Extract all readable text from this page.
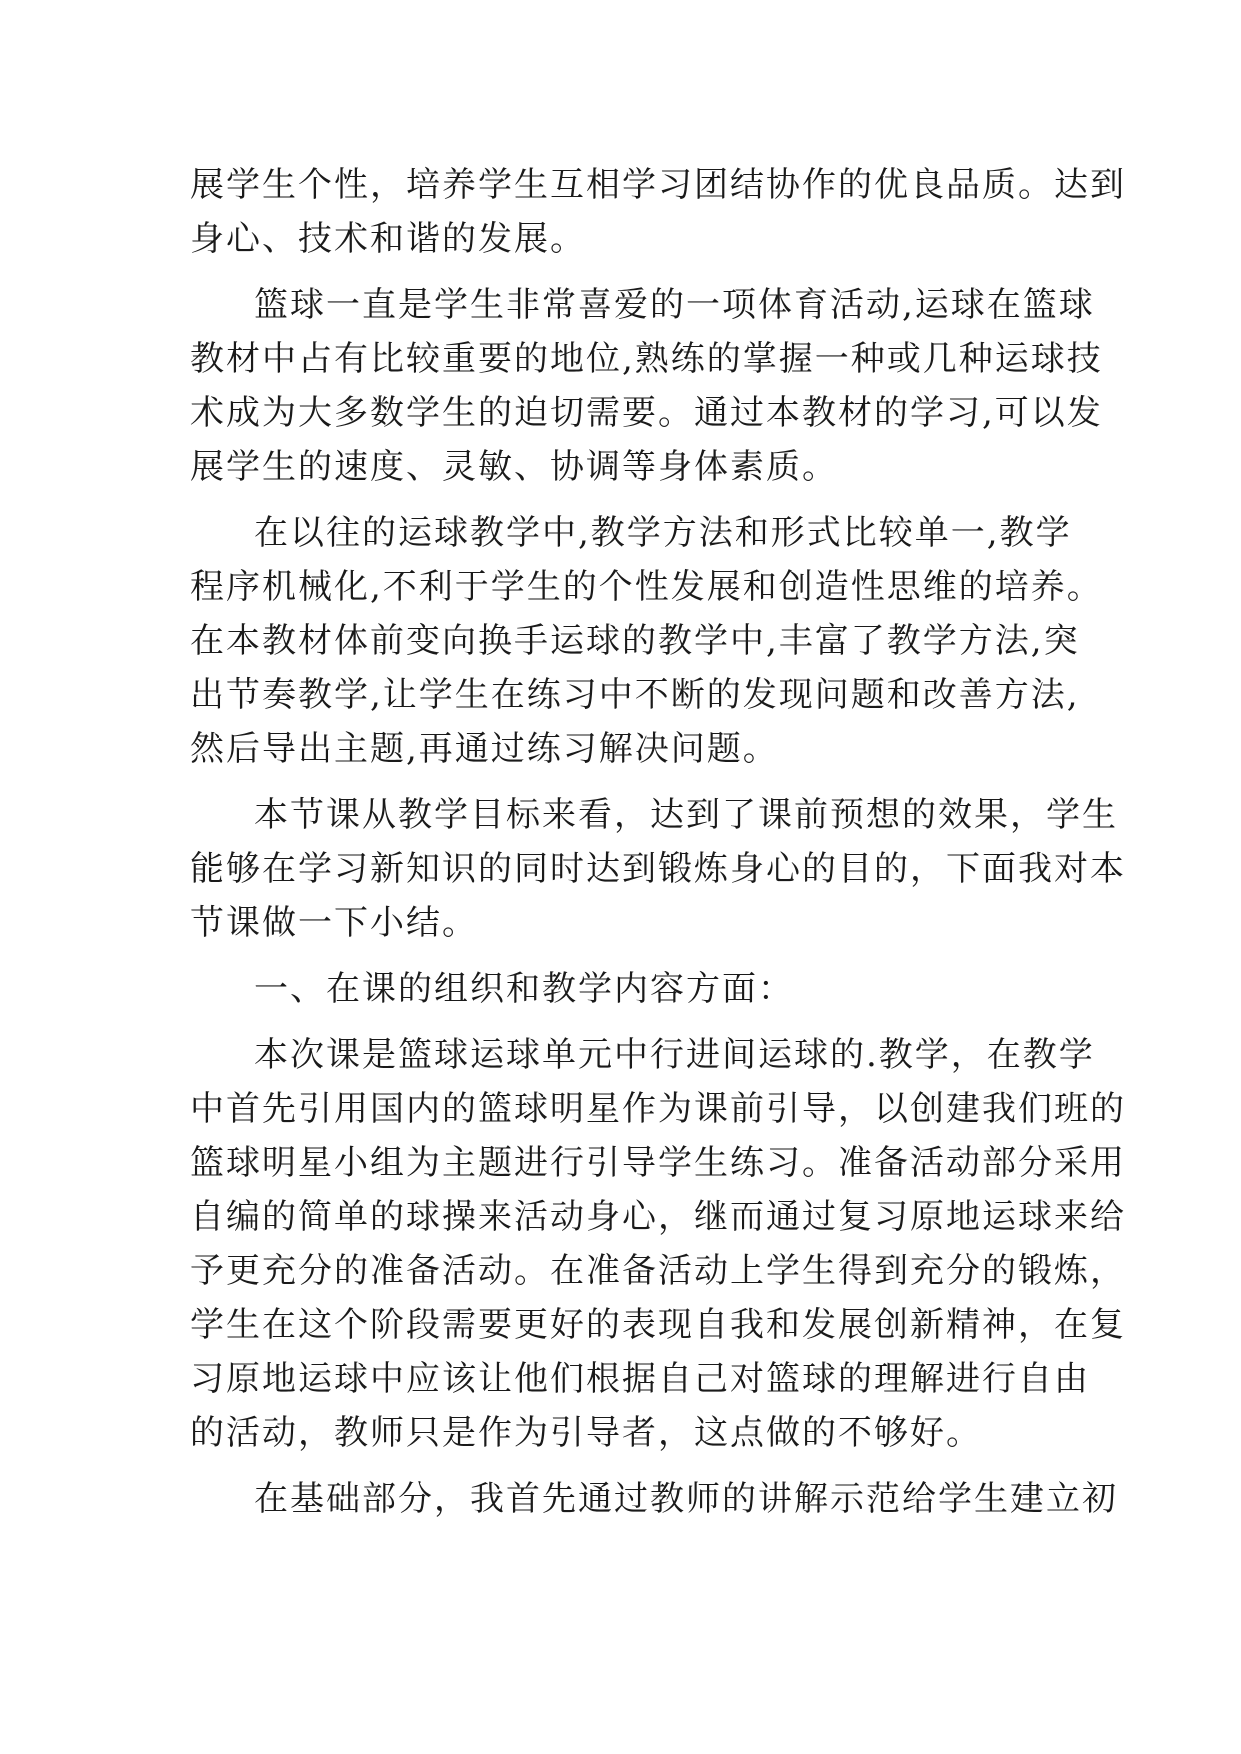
展学生个性，培养学生互相学习团结协作的优良品质。达到
身心、技术和谐的发展。
篮球一直是学生非常喜爱的一项体育活动,运球在篮球
教材中占有比较重要的地位,熟练的掌握一种或几种运球技
术成为大多数学生的迫切需要。通过本教材的学习,可以发
展学生的速度、灵敏、协调等身体素质。
在以往的运球教学中,教学方法和形式比较单一,教学
程序机械化,不利于学生的个性发展和创造性思维的培养。
在本教材体前变向换手运球的教学中,丰富了教学方法,突
出节奏教学,让学生在练习中不断的发现问题和改善方法,
然后导出主题,再通过练习解决问题。
本节课从教学目标来看，达到了课前预想的效果，学生
能够在学习新知识的同时达到锻炼身心的目的，下面我对本
节课做一下小结。
一、在课的组织和教学内容方面：
本次课是篮球运球单元中行进间运球的.教学，在教学
中首先引用国内的篮球明星作为课前引导，以创建我们班的
篮球明星小组为主题进行引导学生练习。准备活动部分采用
自编的简单的球操来活动身心，继而通过复习原地运球来给
予更充分的准备活动。在准备活动上学生得到充分的锻炼，
学生在这个阶段需要更好的表现自我和发展创新精神，在复
习原地运球中应该让他们根据自己对篮球的理解进行自由
的活动，教师只是作为引导者，这点做的不够好。
在基础部分，我首先通过教师的讲解示范给学生建立初
